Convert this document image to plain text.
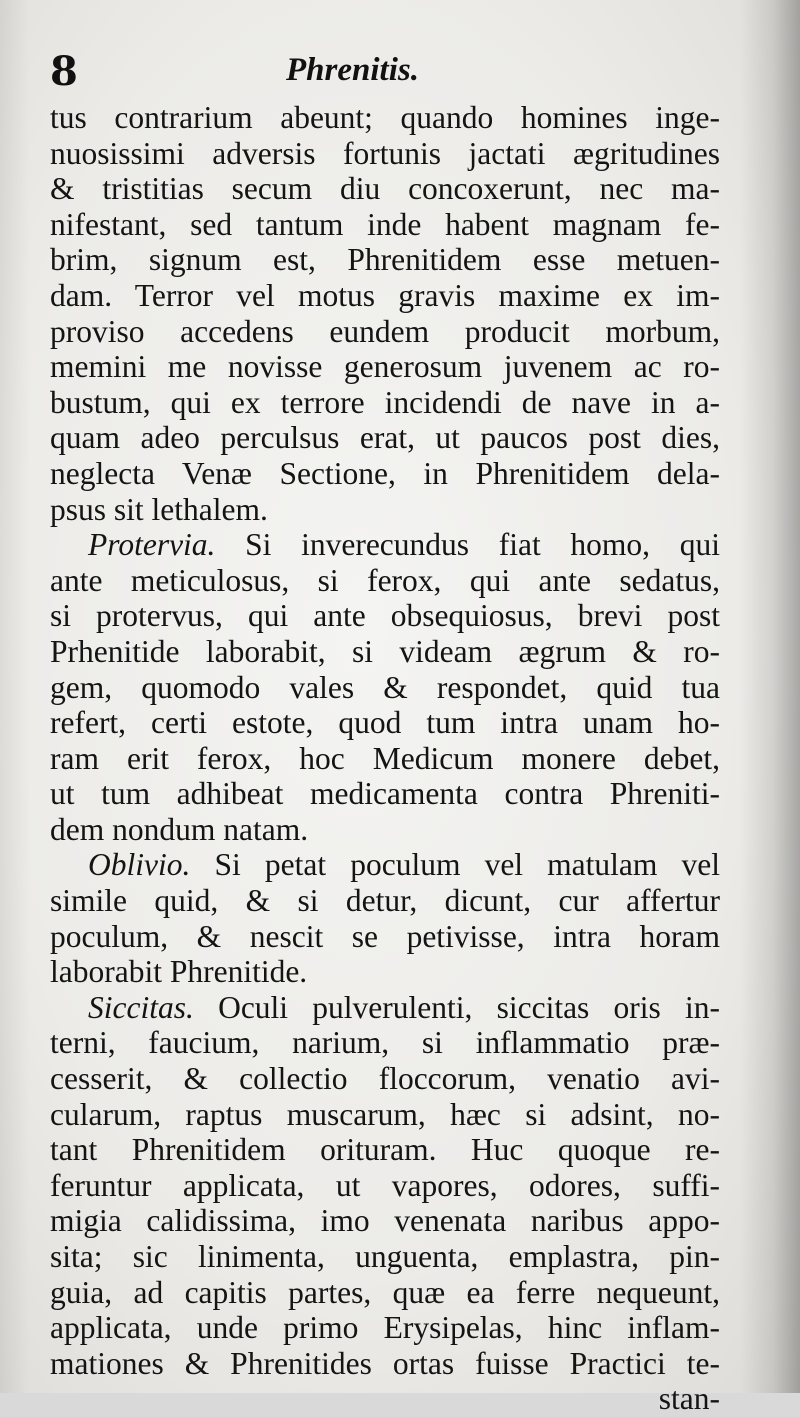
8	Phrenitis.
tus contrarium abeunt; quando homines inge-
nuosissimi adversis fortunis jactati ægritudines
& tristitias secum diu concoxerunt, nec ma-
nifestant, sed tantum inde habent magnam fe-
brim, signum est, Phrenitidem esse metuen-
dam. Terror vel motus gravis maxime ex im-
proviso accedens eundem producit morbum,
memini me novisse generosum juvenem ac ro-
bustum, qui ex terrore incidendi de nave in a-
quam adeo perculsus erat, ut paucos post dies,
neglecta Venæ Sectione, in Phrenitidem dela-
psus sit lethalem.
Protervia. Si inverecundus fiat homo, qui
ante meticulosus, si ferox, qui ante sedatus,
si protervus, qui ante obsequiosus, brevi post
Prhenitide laborabit, si videam ægrum & ro-
gem, quomodo vales & respondet, quid tua
refert, certi estote, quod tum intra unam ho-
ram erit ferox, hoc Medicum monere debet,
ut tum adhibeat medicamenta contra Phreniti-
dem nondum natam.
Oblivio. Si petat poculum vel matulam vel
simile quid, & si detur, dicunt, cur affertur
poculum, & nescit se petivisse, intra horam
laborabit Phrenitide.
Siccitas. Oculi pulverulenti, siccitas oris in-
terni, faucium, narium, si inflammatio præ-
cesserit, & collectio floccorum, venatio avi-
cularum, raptus muscarum, hæc si adsint, no-
tant Phrenitidem orituram. Huc quoque re-
feruntur applicata, ut vapores, odores, suffi-
migia calidissima, imo venenata naribus appo-
sita; sic linimenta, unguenta, emplastra, pin-
guia, ad capitis partes, quæ ea ferre nequeunt,
applicata, unde primo Erysipelas, hinc inflam-
mationes & Phrenitides ortas fuisse Practici te-
stan-
